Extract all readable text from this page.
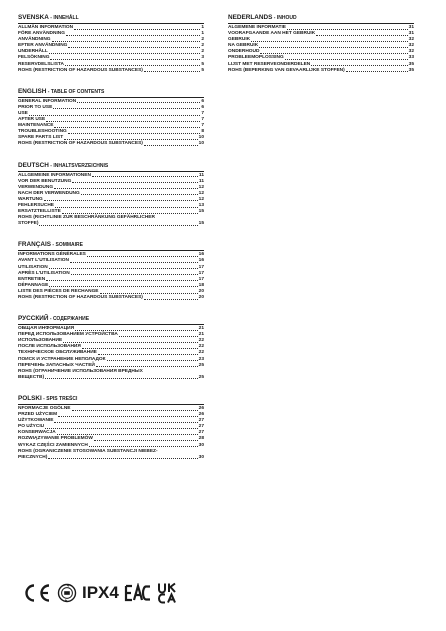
SVENSKA - INNEHÅLL
ALLMÄN INFORMATION	1
FÖRE ANVÄNDNING	1
ANVÄNDNING	2
EFTER ANVÄNDNING	2
UNDERHÅLL	2
FELSÖKNING	3
RESERVDELSLISTA	5
ROHS (RESTRICTION OF HAZARDOUS SUBSTANCES)	5
ENGLISH - TABLE OF CONTENTS
GENERAL INFORMATION	6
PRIOR TO USE	6
USE	7
AFTER USE	7
MAINTENANCE	7
TROUBLESHOOTING	8
SPARE PARTS LIST	10
ROHS (RESTRICTION OF HAZARDOUS SUBSTANCES)	10
DEUTSCH - INHALTSVERZEICHNIS
ALLGEMEINE INFORMATIONEN	11
VOR DER BENUTZUNG	11
VERWENDUNG	12
NACH DER VERWENDUNG	12
WARTUNG	12
FEHLERSUCHE	13
ERSATZTEILLISTE	15
ROHS (RICHTLINIE ZUR BESCHRÄNKUNG GEFÄHRLICHER
STOFFE)	15
FRANÇAIS - SOMMAIRE
INFORMATIONS GÉNÉRALES	16
AVANT L'UTILISATION	16
UTILISATION	17
APRÈS L'UTILISATION	17
ENTRETIEN	17
DÉPANNAGE	18
LISTE DES PIÈCES DE RECHANGE	20
ROHS (RESTRICTION OF HAZARDOUS SUBSTANCES)	20
РУССКИЙ - СОДЕРЖАНИЕ
ОБЩАЯ ИНФОРМАЦИЯ	21
ПЕРЕД ИСПОЛЬЗОВАНИЕМ УСТРОЙСТВА	21
ИСПОЛЬЗОВАНИЕ	22
ПОСЛЕ ИСПОЛЬЗОВАНИЯ	22
ТЕХНИЧЕСКОЕ ОБСЛУЖИВАНИЕ	22
ПОИСК И УСТРАНЕНИЕ НЕПОЛАДОК	23
ПЕРЕЧЕНЬ ЗАПАСНЫХ ЧАСТЕЙ	25
ROHS (ОГРАНИЧЕНИЕ ИСПОЛЬЗОВАНИЯ ВРЕДНЫХ
ВЕЩЕСТВ)	25
POLSKI - SPIS TREŚCI
NFORMACJE OGÓLNE	26
PRZED UŻYCIEM	26
UŻYTKOWANIE	27
PO UŻYCIU	27
KONSERWACJA	27
ROZWIĄZYWANIE PROBLEMÓW	28
WYKAZ CZĘŚCI ZAMIENNYCH	30
ROHS (OGRANICZENIE STOSOWANIA SUBSTANCJI NIEBEZ-
PIECZNYCH)	30
NEDERLANDS - INHOUD
ALGEMENE INFORMATIE	31
VOORAFGAANDE AAN HET GEBRUIK	31
GEBRUIK	32
NA GEBRUIK	32
ONDERHOUD	32
PROBLEEMOPLOSSING	33
LIJST MET RESERVEONDERDELEN	35
ROHS (BEPERKING VAN GEVAARLIJKE STOFFEN)	35
IPX4
